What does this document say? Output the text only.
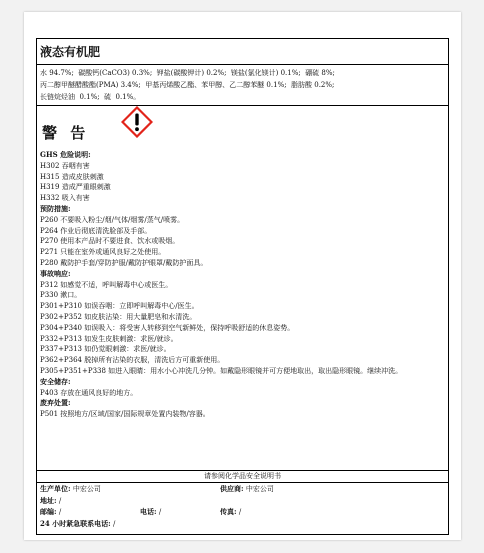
液态有机肥
水 94.7%;  碳酸钙(CaCO3) 0.3%;  钾盐(碳酸钾计) 0.2%;  镁盐(氯化镁计) 0.1%;  硼硫 8%;
丙二醇甲醚醋酸酯(PMA) 3.4%;  甲基丙烯酸乙酯、苯甲醇、乙二醇苯醚 0.1%;  脂肪酸 0.2%;
长链烷烃油  0.1%;  硫  0.1%。
警 告
GHS 危险说明:
H302 吞咽有害
H315 造成皮肤刺激
H319 造成严重眼刺激
H332 吸入有害
预防措施:
P260 不要吸入粉尘/烟/气体/烟雾/蒸气/喷雾。
P264 作业后彻底清洗脸部及手部。
P270 使用本产品时不要进食、饮水或吸烟。
P271 只能在室外或通风良好之处使用。
P280 戴防护手套/穿防护服/戴防护眼罩/戴防护面具。
事故响应:
P312 如感觉不适，呼叫解毒中心或医生。
P330 漱口。
P301+P310 如误吞咽：立即呼叫解毒中心/医生。
P302+P352 如皮肤沾染：用大量肥皂和水清洗。
P304+P340 如误吸入：将受害人转移到空气新鲜处，保持呼吸舒适的休息姿势。
P332+P313 如发生皮肤刺激：求医/就诊。
P337+P313 如仍觉眼刺激：求医/就诊。
P362+P364 脱掉所有沾染的衣服，清洗后方可重新使用。
P305+P351+P338 如进入眼睛：用水小心冲洗几分钟。如戴隐形眼镜并可方便地取出，取出隐形眼镜。继续冲洗。
安全储存:
P403 存放在通风良好的地方。
废弃处置:
P501 按照地方/区域/国家/国际规章处置内装物/容器。
请参阅化学品安全说明书
生产单位: 中宏公司	供应商: 中宏公司
地址: /
邮编: /	电话: /	传真: /
24 小时紧急联系电话: /
